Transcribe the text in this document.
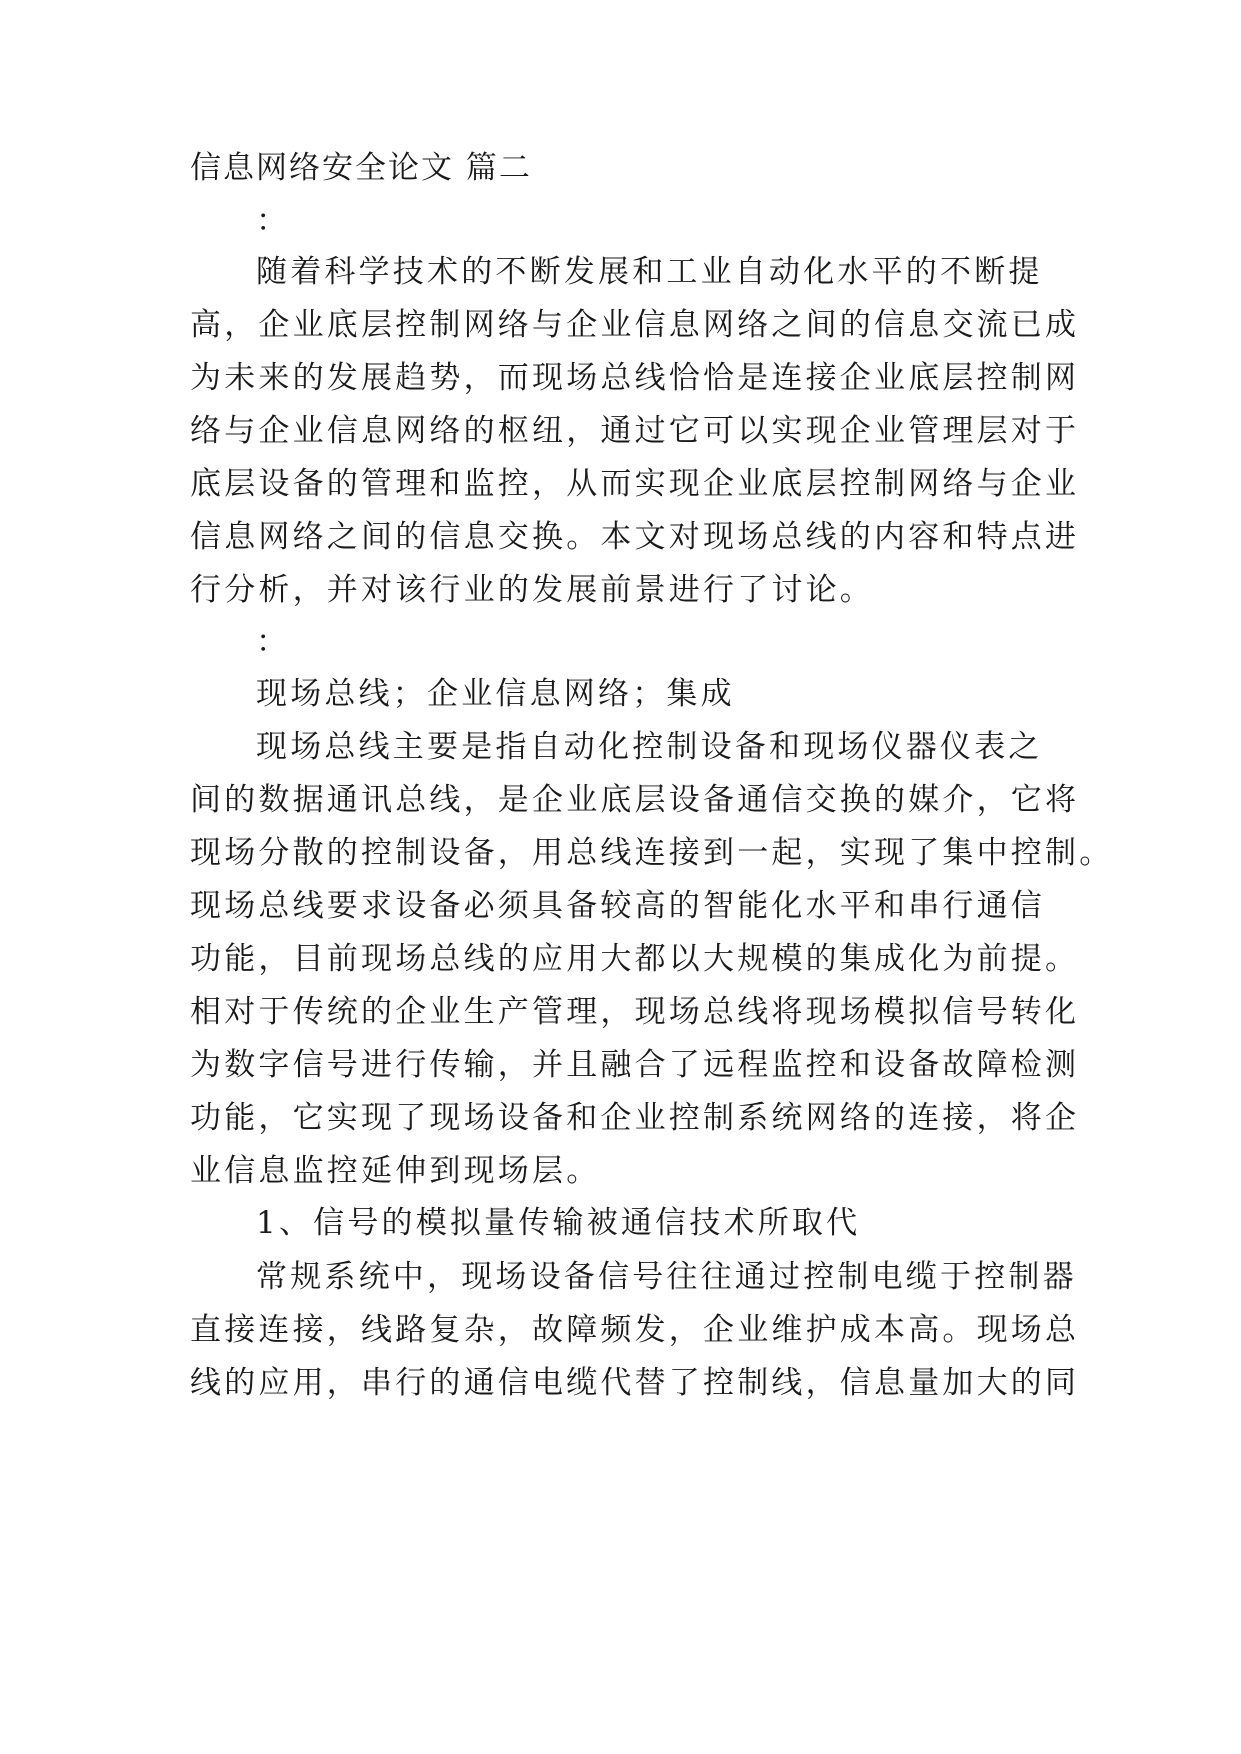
信息网络安全论文 篇二
：
随着科学技术的不断发展和工业自动化水平的不断提
高，企业底层控制网络与企业信息网络之间的信息交流已成
为未来的发展趋势，而现场总线恰恰是连接企业底层控制网
络与企业信息网络的枢纽，通过它可以实现企业管理层对于
底层设备的管理和监控，从而实现企业底层控制网络与企业
信息网络之间的信息交换。本文对现场总线的内容和特点进
行分析，并对该行业的发展前景进行了讨论。
：
现场总线；企业信息网络；集成
现场总线主要是指自动化控制设备和现场仪器仪表之
间的数据通讯总线，是企业底层设备通信交换的媒介，它将
现场分散的控制设备，用总线连接到一起，实现了集中控制。
现场总线要求设备必须具备较高的智能化水平和串行通信
功能，目前现场总线的应用大都以大规模的集成化为前提。
相对于传统的企业生产管理，现场总线将现场模拟信号转化
为数字信号进行传输，并且融合了远程监控和设备故障检测
功能，它实现了现场设备和企业控制系统网络的连接，将企
业信息监控延伸到现场层。
1、信号的模拟量传输被通信技术所取代
常规系统中，现场设备信号往往通过控制电缆于控制器
直接连接，线路复杂，故障频发，企业维护成本高。现场总
线的应用，串行的通信电缆代替了控制线，信息量加大的同
